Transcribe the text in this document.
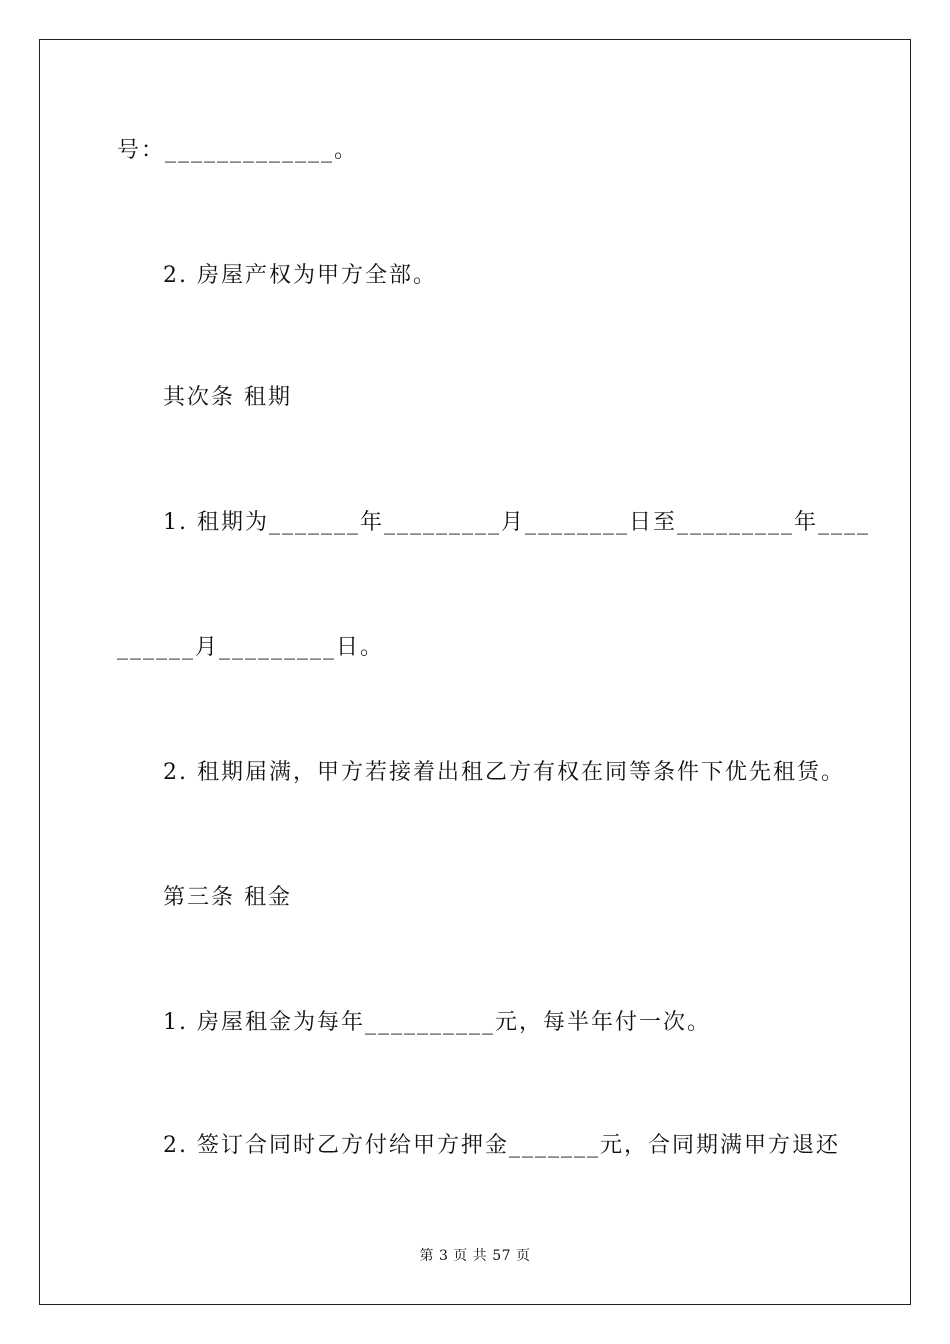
号：_____________。
2. 房屋产权为甲方全部。
其次条 租期
1. 租期为_______年_________月________日至_________年____
______月_________日。
2. 租期届满，甲方若接着出租乙方有权在同等条件下优先租赁。
第三条 租金
1. 房屋租金为每年__________元，每半年付一次。
2. 签订合同时乙方付给甲方押金_______元，合同期满甲方退还
第 3 页 共 57 页
